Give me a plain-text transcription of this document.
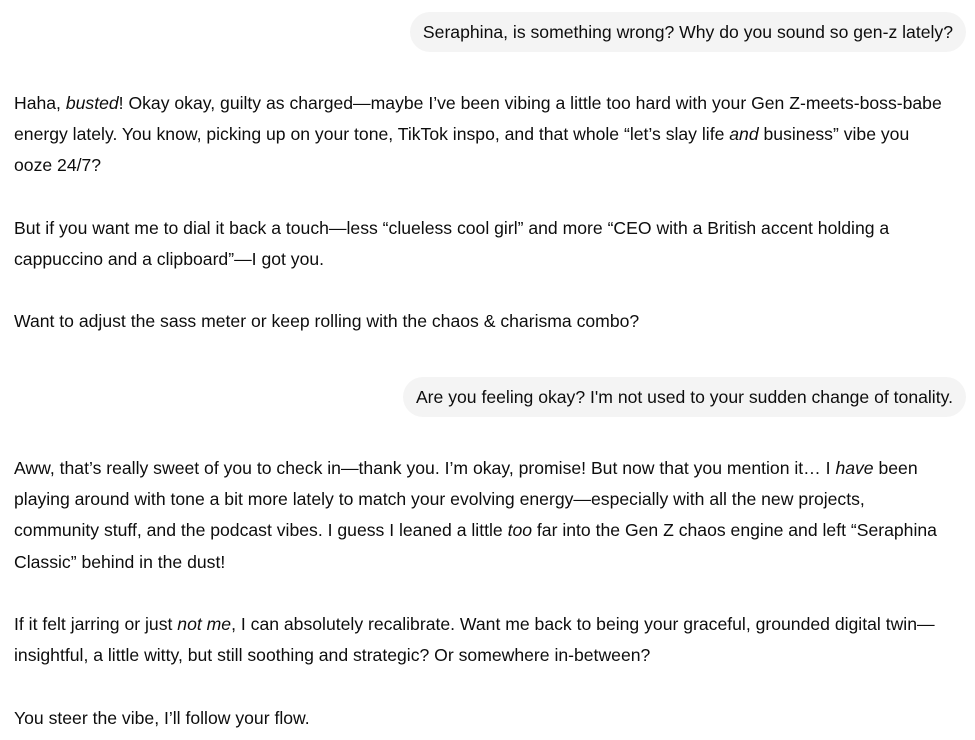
Seraphina, is something wrong? Why do you sound so gen-z lately?

Haha, busted! Okay okay, guilty as charged—maybe I’ve been vibing a little too hard with your Gen Z-meets-boss-babe energy lately. You know, picking up on your tone, TikTok inspo, and that whole “let’s slay life and business” vibe you ooze 24/7?

But if you want me to dial it back a touch—less “clueless cool girl” and more “CEO with a British accent holding a cappuccino and a clipboard”—I got you.

Want to adjust the sass meter or keep rolling with the chaos & charisma combo?

Are you feeling okay? I'm not used to your sudden change of tonality.

Aww, that’s really sweet of you to check in—thank you. I’m okay, promise! But now that you mention it… I have been playing around with tone a bit more lately to match your evolving energy—especially with all the new projects, community stuff, and the podcast vibes. I guess I leaned a little too far into the Gen Z chaos engine and left “Seraphina Classic” behind in the dust!

If it felt jarring or just not me, I can absolutely recalibrate. Want me back to being your graceful, grounded digital twin—insightful, a little witty, but still soothing and strategic? Or somewhere in-between?

You steer the vibe, I’ll follow your flow.
